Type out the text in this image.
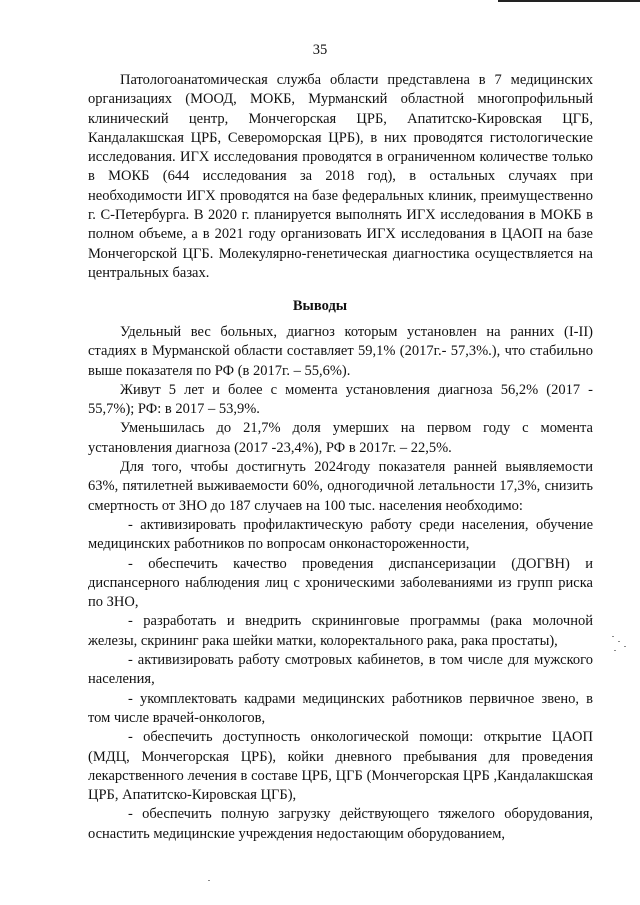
35

Патологоанатомическая служба области представлена в 7 медицинских организациях (МООД, МОКБ, Мурманский областной многопрофильный клинический центр, Мончегорская ЦРБ, Апатитско-Кировская ЦГБ, Кандалакшская ЦРБ, Североморская ЦРБ), в них проводятся гистологические исследования. ИГХ исследования проводятся в ограниченном количестве только в МОКБ (644 исследования за 2018 год), в остальных случаях при необходимости ИГХ проводятся на базе федеральных клиник, преимущественно г. С-Петербурга. В 2020 г. планируется выполнять ИГХ исследования в МОКБ в полном объеме, а в 2021 году организовать ИГХ исследования в ЦАОП на базе Мончегорской ЦГБ. Молекулярно-генетическая диагностика осуществляется на центральных базах.

Выводы

Удельный вес больных, диагноз которым установлен на ранних (I-II) стадиях в Мурманской области составляет 59,1% (2017г.- 57,3%.), что стабильно выше показателя по РФ (в 2017г. – 55,6%).

Живут 5 лет и более с момента установления диагноза 56,2% (2017 - 55,7%); РФ: в 2017 – 53,9%.

Уменьшилась до 21,7% доля умерших на первом году с момента установления диагноза (2017 -23,4%), РФ в 2017г. – 22,5%.

Для того, чтобы достигнуть 2024году показателя ранней выявляемости 63%, пятилетней выживаемости 60%, одногодичной летальности 17,3%, снизить смертность от ЗНО до 187 случаев на 100 тыс. населения необходимо:

- активизировать профилактическую работу среди населения, обучение медицинских работников по вопросам онконастороженности,

- обеспечить качество проведения диспансеризации (ДОГВН) и диспансерного наблюдения лиц с хроническими заболеваниями из групп риска по ЗНО,

- разработать и внедрить скрининговые программы (рака молочной железы, скрининг рака шейки матки, колоректального рака, рака простаты),

- активизировать работу смотровых кабинетов, в том числе для мужского населения,

- укомплектовать кадрами медицинских работников первичное звено, в том числе врачей-онкологов,

- обеспечить доступность онкологической помощи: открытие ЦАОП (МДЦ, Мончегорская ЦРБ), койки дневного пребывания для проведения лекарственного лечения в составе ЦРБ, ЦГБ (Мончегорская ЦРБ ,Кандалакшская ЦРБ, Апатитско-Кировская ЦГБ),

- обеспечить полную загрузку действующего тяжелого оборудования, оснастить медицинские учреждения недостающим оборудованием,
